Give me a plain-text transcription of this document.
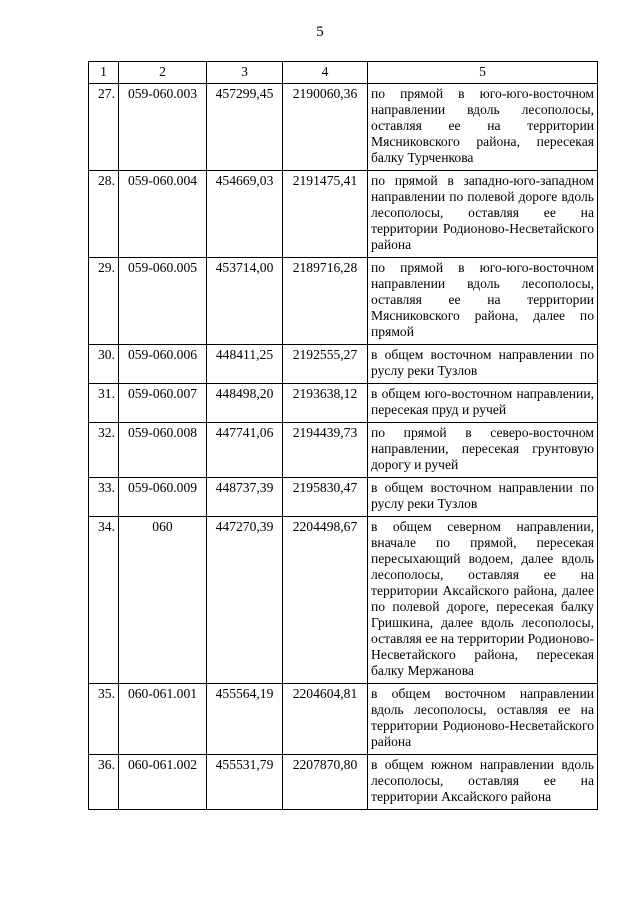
5
1	2	3	4	5
27.	059-060.003	457299,45	2190060,36	по прямой в юго-юго-восточном направлении вдоль лесополосы, оставляя ее на территории Мясниковского района, пересекая балку Турченкова
28.	059-060.004	454669,03	2191475,41	по прямой в западно-юго-западном направлении по полевой дороге вдоль лесополосы, оставляя ее на территории Родионово-Несветайского района
29.	059-060.005	453714,00	2189716,28	по прямой в юго-юго-восточном направлении вдоль лесополосы, оставляя ее на территории Мясниковского района, далее по прямой
30.	059-060.006	448411,25	2192555,27	в общем восточном направлении по руслу реки Тузлов
31.	059-060.007	448498,20	2193638,12	в общем юго-восточном направлении, пересекая пруд и ручей
32.	059-060.008	447741,06	2194439,73	по прямой в северо-восточном направлении, пересекая грунтовую дорогу и ручей
33.	059-060.009	448737,39	2195830,47	в общем восточном направлении по руслу реки Тузлов
34.	060	447270,39	2204498,67	в общем северном направлении, вначале по прямой, пересекая пересыхающий водоем, далее вдоль лесополосы, оставляя ее на территории Аксайского района, далее по полевой дороге, пересекая балку Гришкина, далее вдоль лесополосы, оставляя ее на территории Родионово-Несветайского района, пересекая балку Мержанова
35.	060-061.001	455564,19	2204604,81	в общем восточном направлении вдоль лесополосы, оставляя ее на территории Родионово-Несветайского района
36.	060-061.002	455531,79	2207870,80	в общем южном направлении вдоль лесополосы, оставляя ее на территории Аксайского района
